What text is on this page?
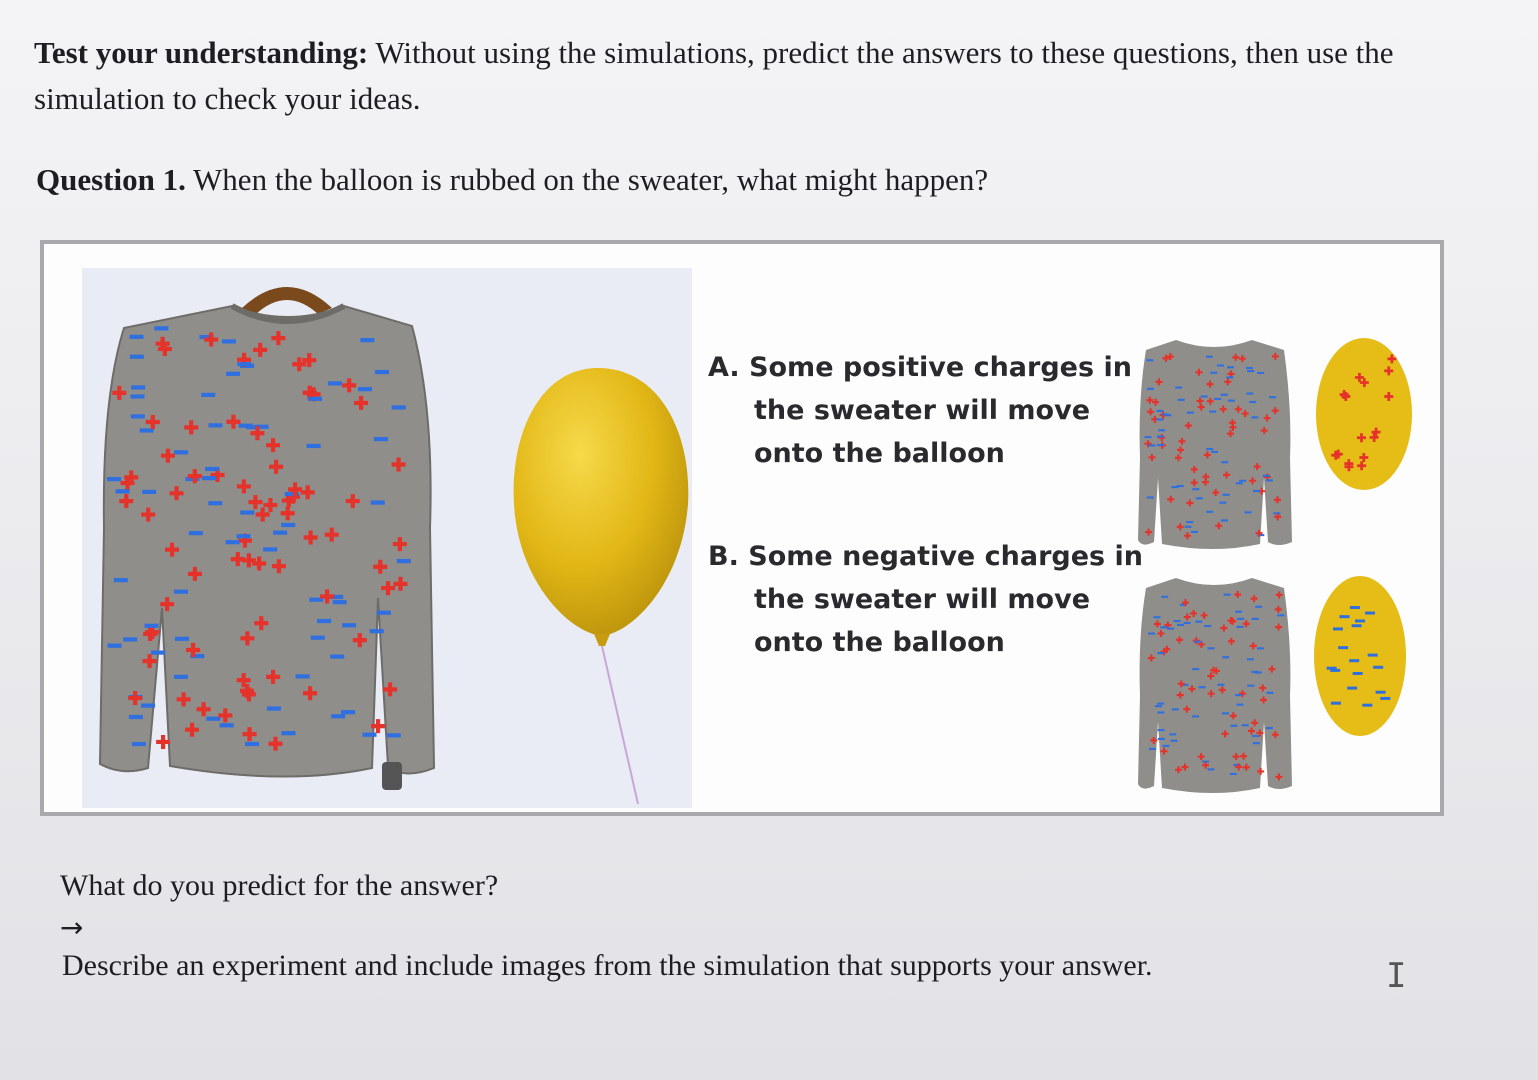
Test your understanding: Without using the simulations, predict the answers to these questions, then use the simulation to check your ideas.
Question 1. When the balloon is rubbed on the sweater, what might happen?
A. Some positive charges in
the sweater will move
onto the balloon
B. Some negative charges in
the sweater will move
onto the balloon
What do you predict for the answer?
→
Describe an experiment and include images from the simulation that supports your answer.	I
